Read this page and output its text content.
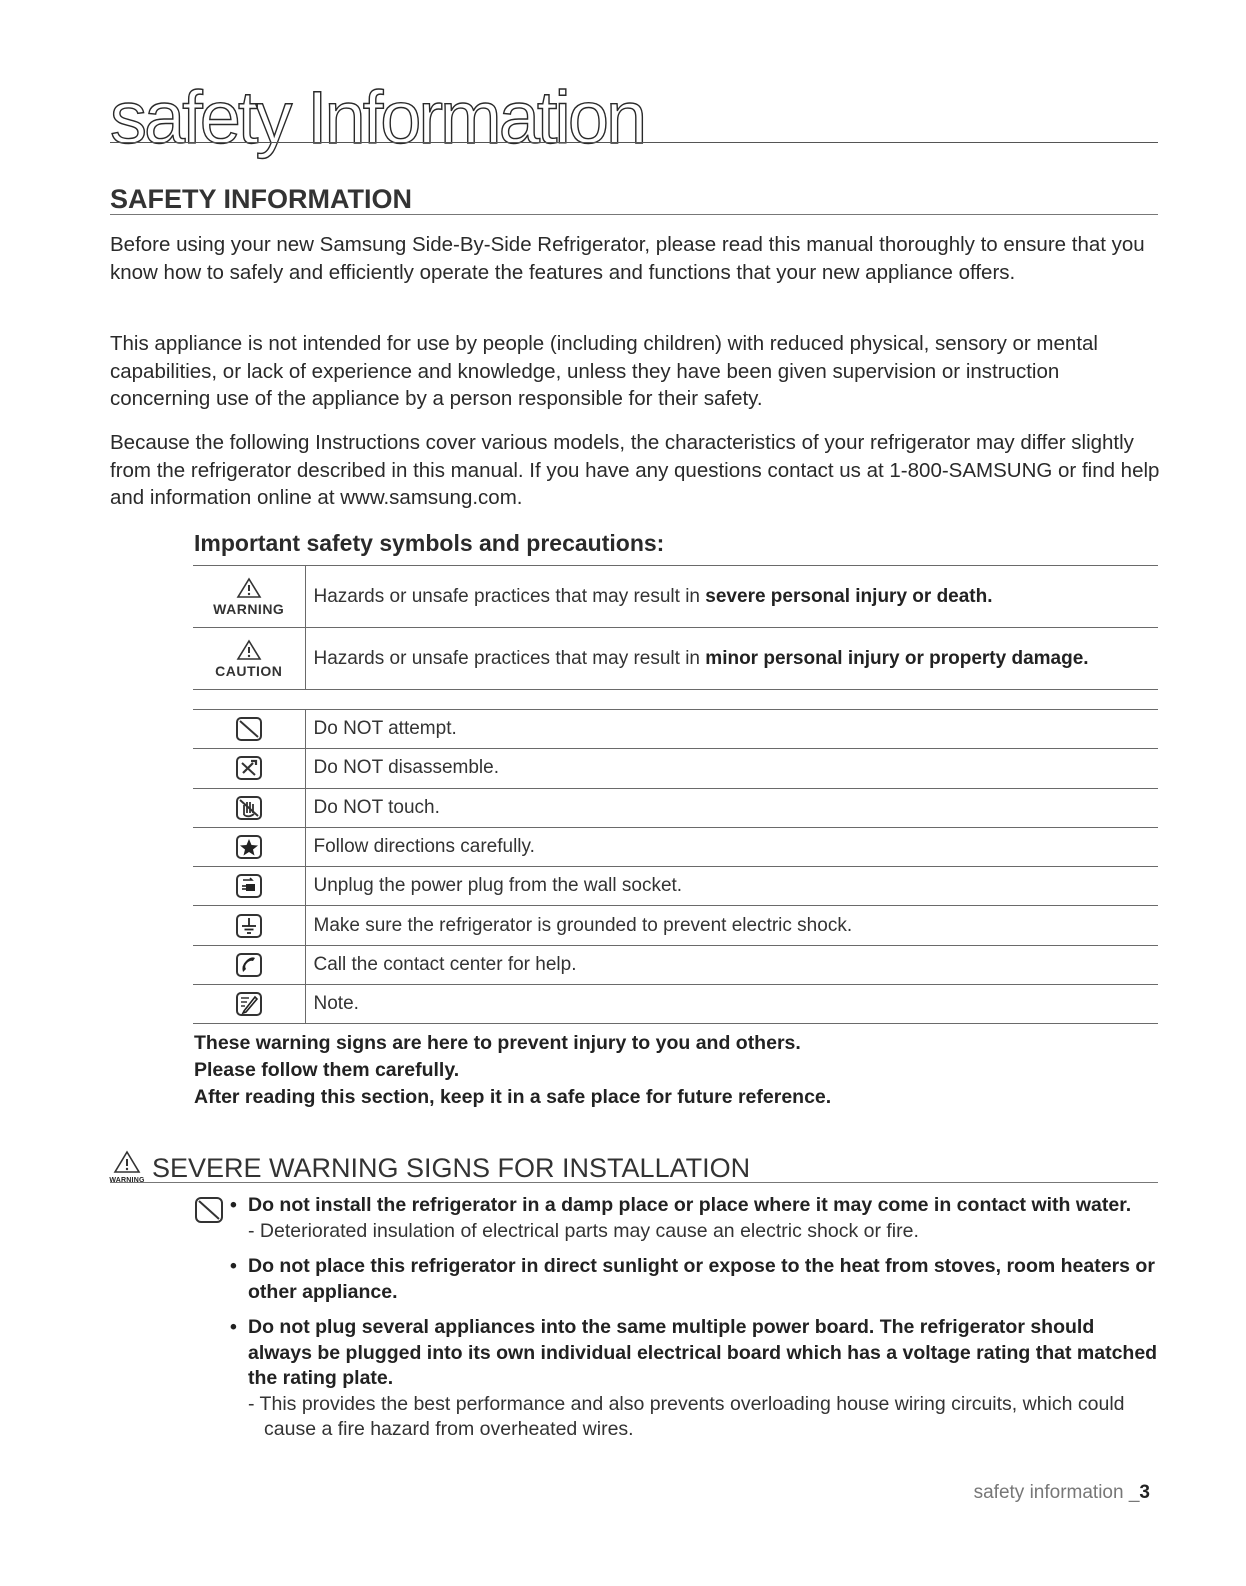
safety Information
SAFETY INFORMATION

Before using your new Samsung Side-By-Side Refrigerator, please read this manual thoroughly to ensure that you know how to safely and efficiently operate the features and functions that your new appliance offers.

This appliance is not intended for use by people (including children) with reduced physical, sensory or mental capabilities, or lack of experience and knowledge, unless they have been given supervision or instruction concerning use of the appliance by a person responsible for their safety.

Because the following Instructions cover various models, the characteristics of your refrigerator may differ slightly from the refrigerator described in this manual. If you have any questions contact us at 1-800-SAMSUNG or find help and information online at www.samsung.com.

Important safety symbols and precautions:
WARNING	Hazards or unsafe practices that may result in severe personal injury or death.

CAUTION	Hazards or unsafe practices that may result in minor personal injury or property damage.
	Do NOT attempt.

	Do NOT disassemble.

	Do NOT touch.

	Follow directions carefully.

	Unplug the power plug from the wall socket.

	Make sure the refrigerator is grounded to prevent electric shock.

	Call the contact center for help.

	Note.
These warning signs are here to prevent injury to you and others.
Please follow them carefully.
After reading this section, keep it in a safe place for future reference.
WARNING SEVERE WARNING SIGNS FOR INSTALLATION
• Do not install the refrigerator in a damp place or place where it may come in contact with water.
- Deteriorated insulation of electrical parts may cause an electric shock or fire.
• Do not place this refrigerator in direct sunlight or expose to the heat from stoves, room heaters or other appliance.
• Do not plug several appliances into the same multiple power board. The refrigerator should always be plugged into its own individual electrical board which has a voltage rating that matched the rating plate.
- This provides the best performance and also prevents overloading house wiring circuits, which could cause a fire hazard from overheated wires.
safety information _3
